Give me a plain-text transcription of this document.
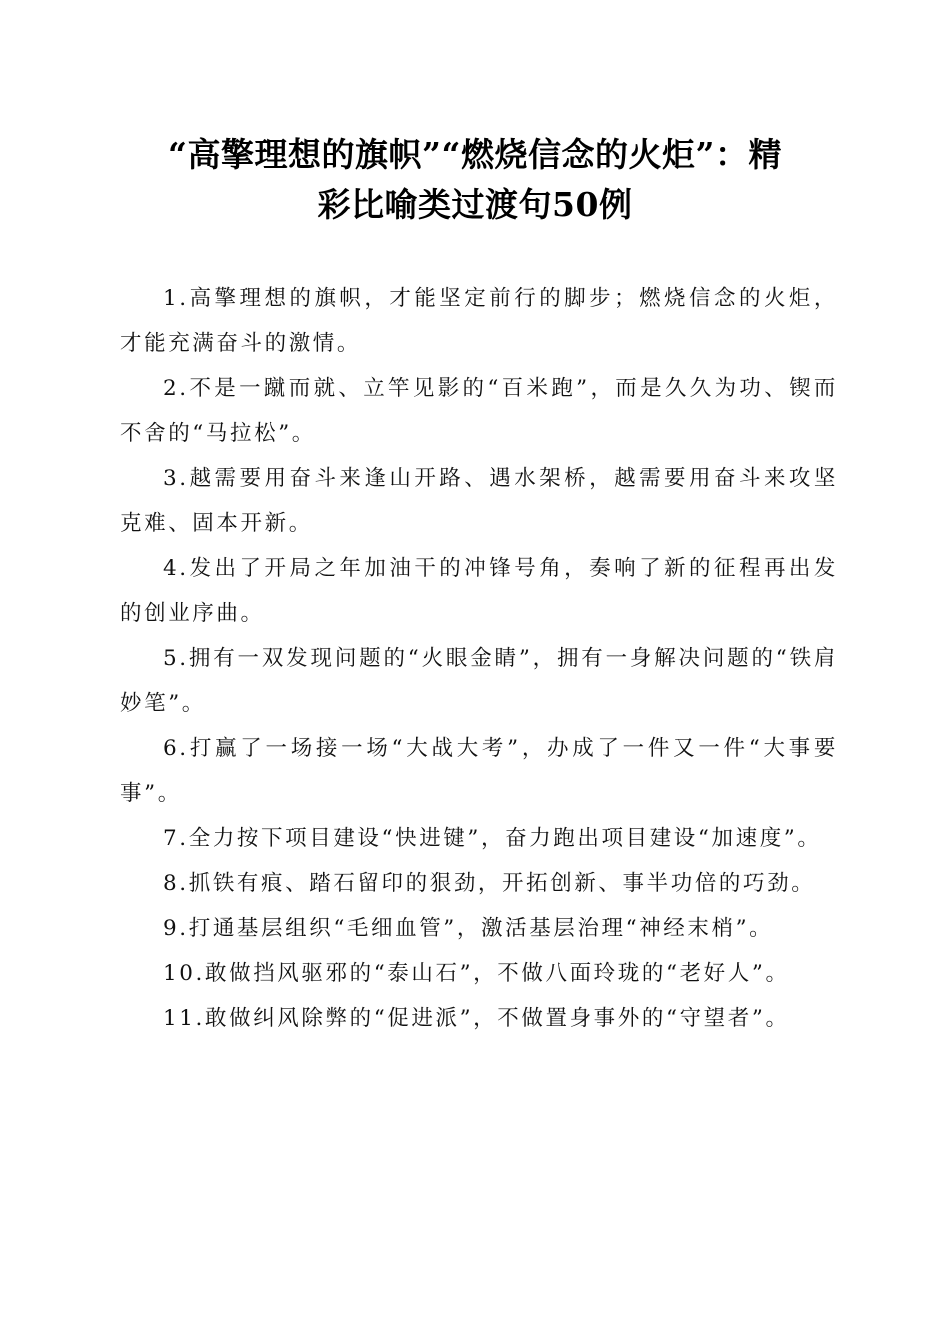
“高擎理想的旗帜”“燃烧信念的火炬”：精
彩比喻类过渡句50例

1.高擎理想的旗帜，才能坚定前行的脚步；燃烧信念的火炬，才能充满奋斗的激情。

2.不是一蹴而就、立竿见影的“百米跑”，而是久久为功、锲而不舍的“马拉松”。

3.越需要用奋斗来逢山开路、遇水架桥，越需要用奋斗来攻坚克难、固本开新。

4.发出了开局之年加油干的冲锋号角，奏响了新的征程再出发的创业序曲。

5.拥有一双发现问题的“火眼金睛”，拥有一身解决问题的“铁肩妙笔”。

6.打赢了一场接一场“大战大考”，办成了一件又一件“大事要事”。

7.全力按下项目建设“快进键”，奋力跑出项目建设“加速度”。

8.抓铁有痕、踏石留印的狠劲，开拓创新、事半功倍的巧劲。

9.打通基层组织“毛细血管”，激活基层治理“神经末梢”。

10.敢做挡风驱邪的“泰山石”，不做八面玲珑的“老好人”。

11.敢做纠风除弊的“促进派”，不做置身事外的“守望者”。
